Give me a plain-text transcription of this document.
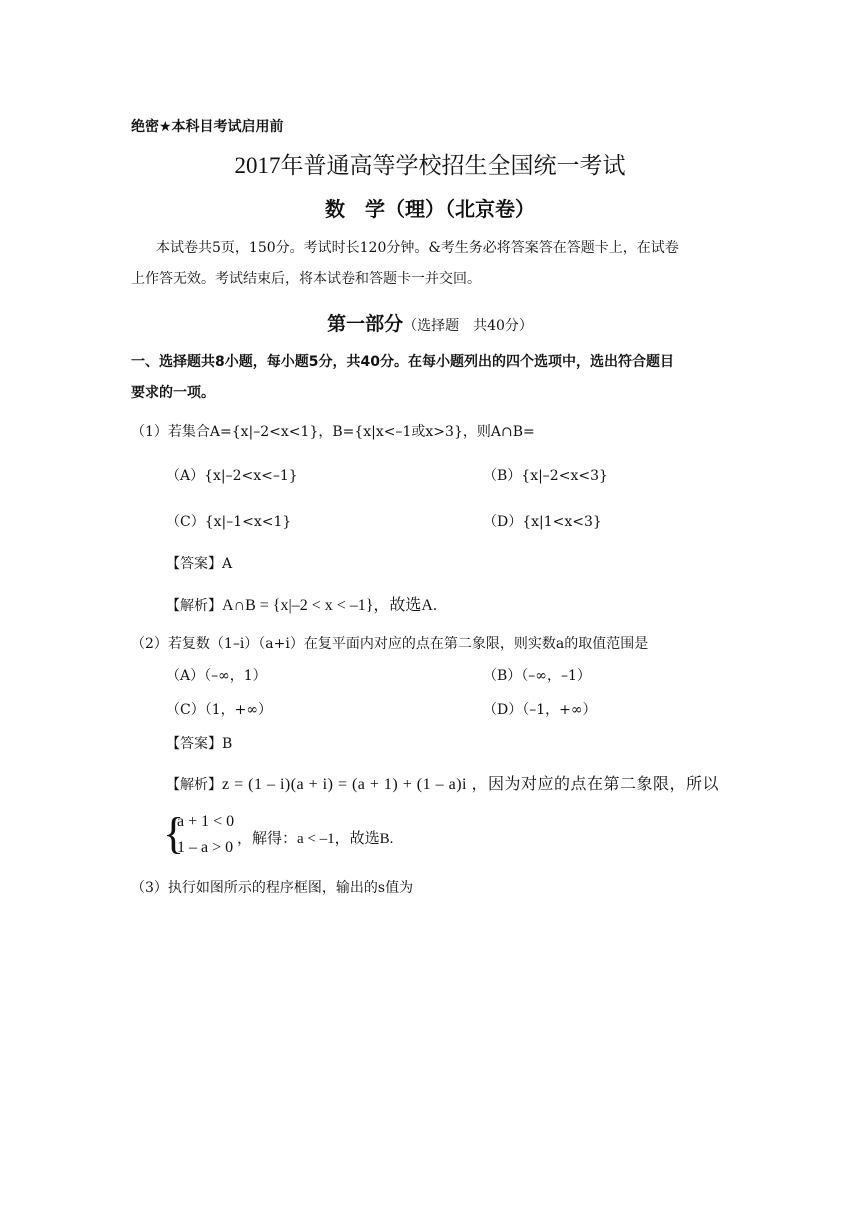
绝密★本科目考试启用前
2017年普通高等学校招生全国统一考试
数　学（理）（北京卷）
本试卷共5页，150分。考试时长120分钟。&考生务必将答案答在答题卡上，在试卷
上作答无效。考试结束后，将本试卷和答题卡一并交回。
第一部分（选择题　共40分）
一、选择题共8小题，每小题5分，共40分。在每小题列出的四个选项中，选出符合题目
要求的一项。
（1）若集合A={x|–2<x<1}，B={x|x<–1或x>3}，则A∩B=
（A）{x|–2<x<–1}	（B）{x|–2<x<3}
（C）{x|–1<x<1}	（D）{x|1<x<3}
【答案】A
【解析】A∩B = {x|–2 < x < –1}，故选A.
（2）若复数（1–i）（a+i）在复平面内对应的点在第二象限，则实数a的取值范围是
（A）（–∞，1）	（B）（–∞，–1）
（C）（1，+∞）	（D）（–1，+∞）
【答案】B
【解析】z = (1 – i)(a + i) = (a + 1) + (1 – a)i ，因为对应的点在第二象限，所以
{
a + 1 < 0
1 – a > 0 ，解得：a < –1，故选B.
（3）执行如图所示的程序框图，输出的s值为
